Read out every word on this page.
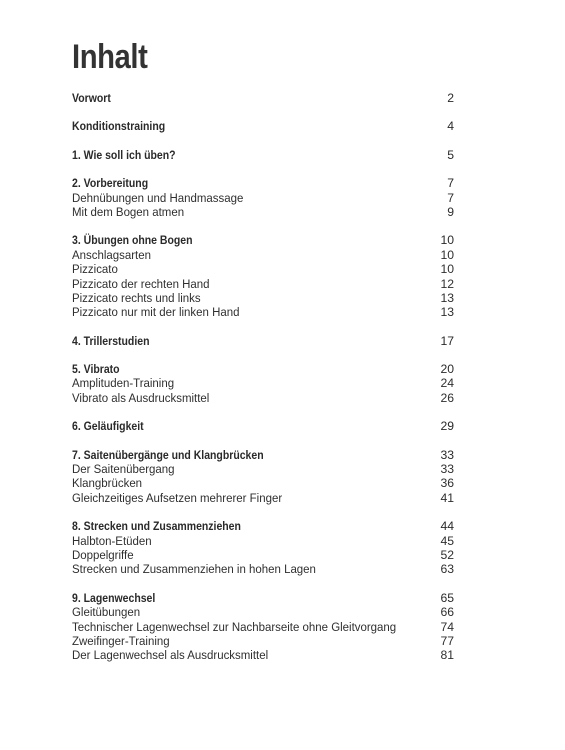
Inhalt
Vorwort	2
Konditionstraining	4
1. Wie soll ich üben?	5
2. Vorbereitung	7
Dehnübungen und Handmassage	7
Mit dem Bogen atmen	9
3. Übungen ohne Bogen	10
Anschlagsarten	10
Pizzicato	10
Pizzicato der rechten Hand	12
Pizzicato rechts und links	13
Pizzicato nur mit der linken Hand	13
4. Trillerstudien	17
5. Vibrato	20
Amplituden-Training	24
Vibrato als Ausdrucksmittel	26
6. Geläufigkeit	29
7. Saitenübergänge und Klangbrücken	33
Der Saitenübergang	33
Klangbrücken	36
Gleichzeitiges Aufsetzen mehrerer Finger	41
8. Strecken und Zusammenziehen	44
Halbton-Etüden	45
Doppelgriffe	52
Strecken und Zusammenziehen in hohen Lagen	63
9. Lagenwechsel	65
Gleitübungen	66
Technischer Lagenwechsel zur Nachbarseite ohne Gleitvorgang	74
Zweifinger-Training	77
Der Lagenwechsel als Ausdrucksmittel	81
